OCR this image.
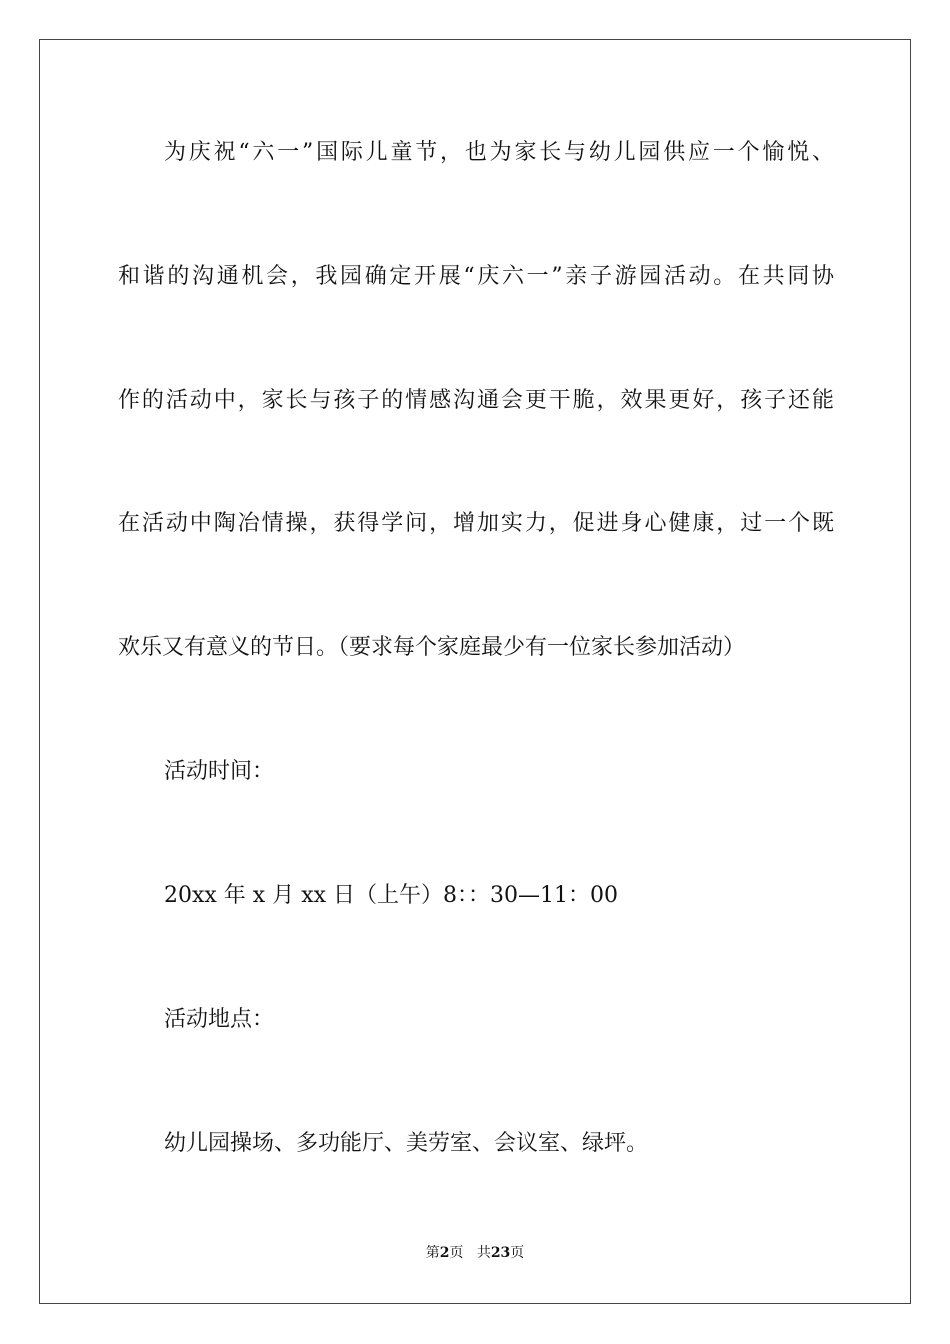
为庆祝“六一”国际儿童节，也为家长与幼儿园供应一个愉悦、
和谐的沟通机会，我园确定开展“庆六一”亲子游园活动。在共同协
作的活动中，家长与孩子的情感沟通会更干脆，效果更好，孩子还能
在活动中陶冶情操，获得学问，增加实力，促进身心健康，过一个既
欢乐又有意义的节日。（要求每个家庭最少有一位家长参加活动）
活动时间：
20xx 年 x 月 xx 日（上午）8：：30—11：00
活动地点：
幼儿园操场、多功能厅、美劳室、会议室、绿坪。
第2页 共23页
